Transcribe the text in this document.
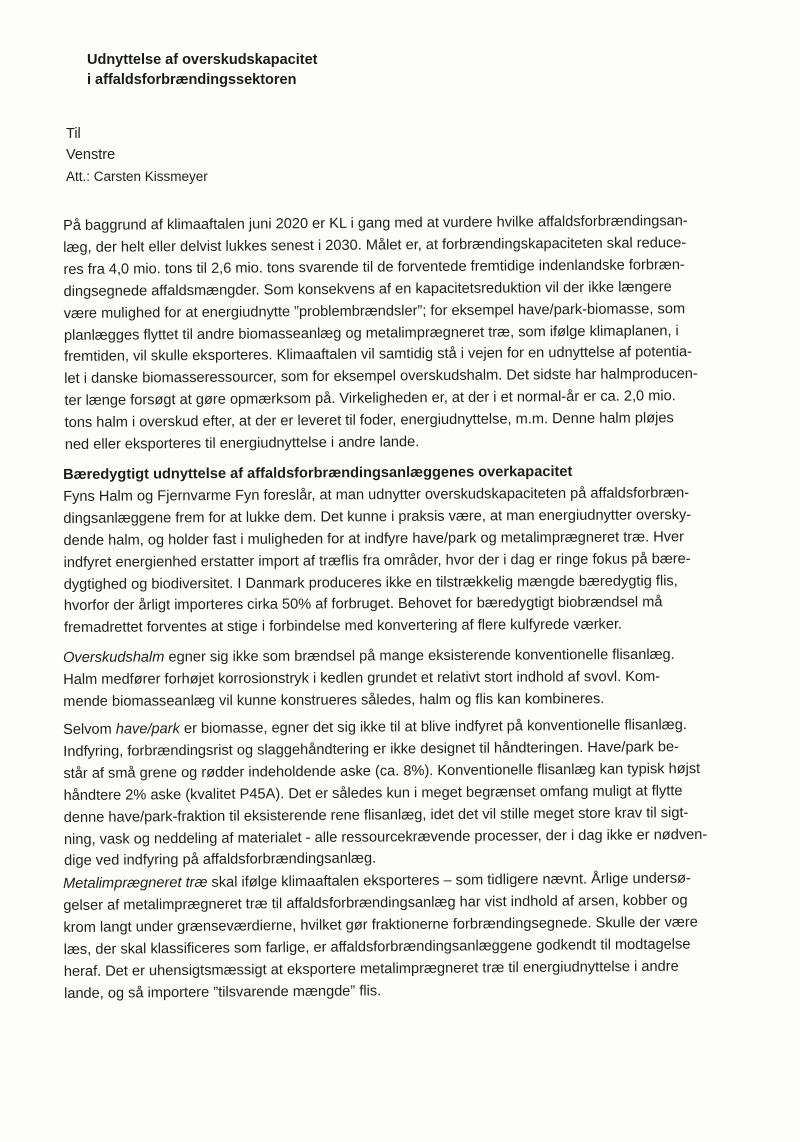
Udnyttelse af overskudskapacitet
i affaldsforbrændingssektoren
Til
Venstre
Att.: Carsten Kissmeyer
På baggrund af klimaaftalen juni 2020 er KL i gang med at vurdere hvilke affaldsforbrændingsan-
læg, der helt eller delvist lukkes senest i 2030. Målet er, at forbrændingskapaciteten skal reduce-
res fra 4,0 mio. tons til 2,6 mio. tons svarende til de forventede fremtidige indenlandske forbræn-
dingsegnede affaldsmængder. Som konsekvens af en kapacitetsreduktion vil der ikke længere
være mulighed for at energiudnytte ”problembrændsler”; for eksempel have/park-biomasse, som
planlægges flyttet til andre biomasseanlæg og metalimprægneret træ, som ifølge klimaplanen, i
fremtiden, vil skulle eksporteres. Klimaaftalen vil samtidig stå i vejen for en udnyttelse af potentia-
let i danske biomasseressourcer, som for eksempel overskudshalm. Det sidste har halmproducen-
ter længe forsøgt at gøre opmærksom på. Virkeligheden er, at der i et normal-år er ca. 2,0 mio.
tons halm i overskud efter, at der er leveret til foder, energiudnyttelse, m.m. Denne halm pløjes
ned eller eksporteres til energiudnyttelse i andre lande.
Bæredygtigt udnyttelse af affaldsforbrændingsanlæggenes overkapacitet
Fyns Halm og Fjernvarme Fyn foreslår, at man udnytter overskudskapaciteten på affaldsforbræn-
dingsanlæggene frem for at lukke dem. Det kunne i praksis være, at man energiudnytter oversky-
dende halm, og holder fast i muligheden for at indfyre have/park og metalimprægneret træ. Hver
indfyret energienhed erstatter import af træflis fra områder, hvor der i dag er ringe fokus på bære-
dygtighed og biodiversitet. I Danmark produceres ikke en tilstrækkelig mængde bæredygtig flis,
hvorfor der årligt importeres cirka 50% af forbruget. Behovet for bæredygtigt biobrændsel må
fremadrettet forventes at stige i forbindelse med konvertering af flere kulfyrede værker.
Overskudshalm egner sig ikke som brændsel på mange eksisterende konventionelle flisanlæg.
Halm medfører forhøjet korrosionstryk i kedlen grundet et relativt stort indhold af svovl. Kom-
mende biomasseanlæg vil kunne konstrueres således, halm og flis kan kombineres.
Selvom have/park er biomasse, egner det sig ikke til at blive indfyret på konventionelle flisanlæg.
Indfyring, forbrændingsrist og slaggehåndtering er ikke designet til håndteringen. Have/park be-
står af små grene og rødder indeholdende aske (ca. 8%). Konventionelle flisanlæg kan typisk højst
håndtere 2% aske (kvalitet P45A). Det er således kun i meget begrænset omfang muligt at flytte
denne have/park-fraktion til eksisterende rene flisanlæg, idet det vil stille meget store krav til sigt-
ning, vask og neddeling af materialet - alle ressourcekrævende processer, der i dag ikke er nødven-
dige ved indfyring på affaldsforbrændingsanlæg.
Metalimprægneret træ skal ifølge klimaaftalen eksporteres – som tidligere nævnt. Årlige undersø-
gelser af metalimprægneret træ til affaldsforbrændingsanlæg har vist indhold af arsen, kobber og
krom langt under grænseværdierne, hvilket gør fraktionerne forbrændingsegnede. Skulle der være
læs, der skal klassificeres som farlige, er affaldsforbrændingsanlæggene godkendt til modtagelse
heraf. Det er uhensigtsmæssigt at eksportere metalimprægneret træ til energiudnyttelse i andre
lande, og så importere ”tilsvarende mængde” flis.
